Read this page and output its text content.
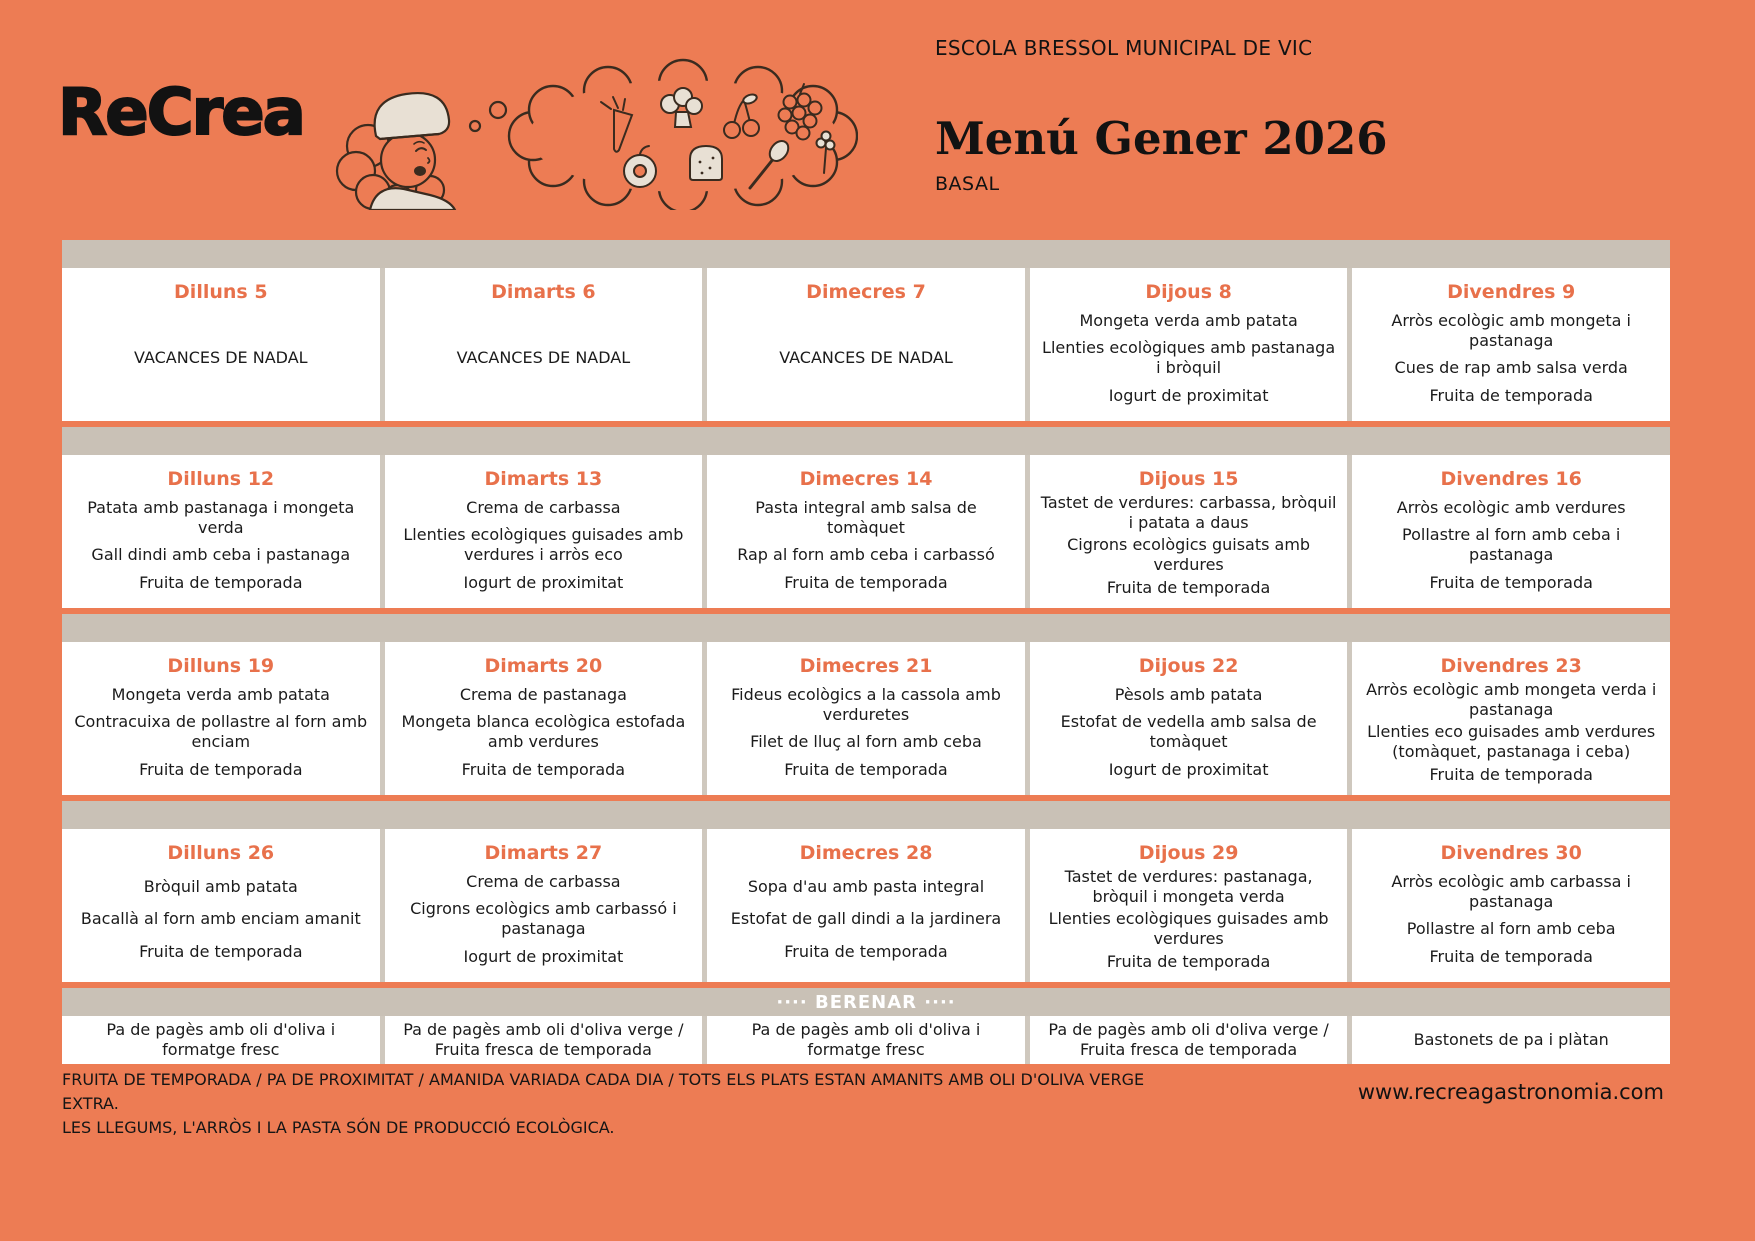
ReCrea
ESCOLA BRESSOL MUNICIPAL DE VIC
Menú Gener 2026
BASAL
Dilluns 5
VACANCES DE NADAL
Dimarts 6
VACANCES DE NADAL
Dimecres 7
VACANCES DE NADAL
Dijous 8
Mongeta verda amb patata
Llenties ecològiques amb pastanaga i bròquil
Iogurt de proximitat
Divendres 9
Arròs ecològic amb mongeta i pastanaga
Cues de rap amb salsa verda
Fruita de temporada
Dilluns 12
Patata amb pastanaga i mongeta verda
Gall dindi amb ceba i pastanaga
Fruita de temporada
Dimarts 13
Crema de carbassa
Llenties ecològiques guisades amb verdures i arròs eco
Iogurt de proximitat
Dimecres 14
Pasta integral amb salsa de tomàquet
Rap al forn amb ceba i carbassó
Fruita de temporada
Dijous 15
Tastet de verdures: carbassa, bròquil i patata a daus
Cigrons ecològics guisats amb verdures
Fruita de temporada
Divendres 16
Arròs ecològic amb verdures
Pollastre al forn amb ceba i pastanaga
Fruita de temporada
Dilluns 19
Mongeta verda amb patata
Contracuixa de pollastre al forn amb enciam
Fruita de temporada
Dimarts 20
Crema de pastanaga
Mongeta blanca ecològica estofada amb verdures
Fruita de temporada
Dimecres 21
Fideus ecològics a la cassola amb verduretes
Filet de lluç al forn amb ceba
Fruita de temporada
Dijous 22
Pèsols amb patata
Estofat de vedella amb salsa de tomàquet
Iogurt de proximitat
Divendres 23
Arròs ecològic amb mongeta verda i pastanaga
Llenties eco guisades amb verdures (tomàquet, pastanaga i ceba)
Fruita de temporada
Dilluns 26
Bròquil amb patata
Bacallà al forn amb enciam amanit
Fruita de temporada
Dimarts 27
Crema de carbassa
Cigrons ecològics amb carbassó i pastanaga
Iogurt de proximitat
Dimecres 28
Sopa d'au amb pasta integral
Estofat de gall dindi a la jardinera
Fruita de temporada
Dijous 29
Tastet de verdures: pastanaga, bròquil i mongeta verda
Llenties ecològiques guisades amb verdures
Fruita de temporada
Divendres 30
Arròs ecològic amb carbassa i pastanaga
Pollastre al forn amb ceba
Fruita de temporada
···· BERENAR ····
Pa de pagès amb oli d'oliva i formatge fresc
Pa de pagès amb oli d'oliva verge / Fruita fresca de temporada
Pa de pagès amb oli d'oliva i formatge fresc
Pa de pagès amb oli d'oliva verge / Fruita fresca de temporada
Bastonets de pa i plàtan
FRUITA DE TEMPORADA / PA DE PROXIMITAT / AMANIDA VARIADA CADA DIA / TOTS ELS PLATS ESTAN AMANITS AMB OLI D'OLIVA VERGE EXTRA.
LES LLEGUMS, L'ARRÒS I LA PASTA SÓN DE PRODUCCIÓ ECOLÒGICA.
www.recreagastronomia.com
